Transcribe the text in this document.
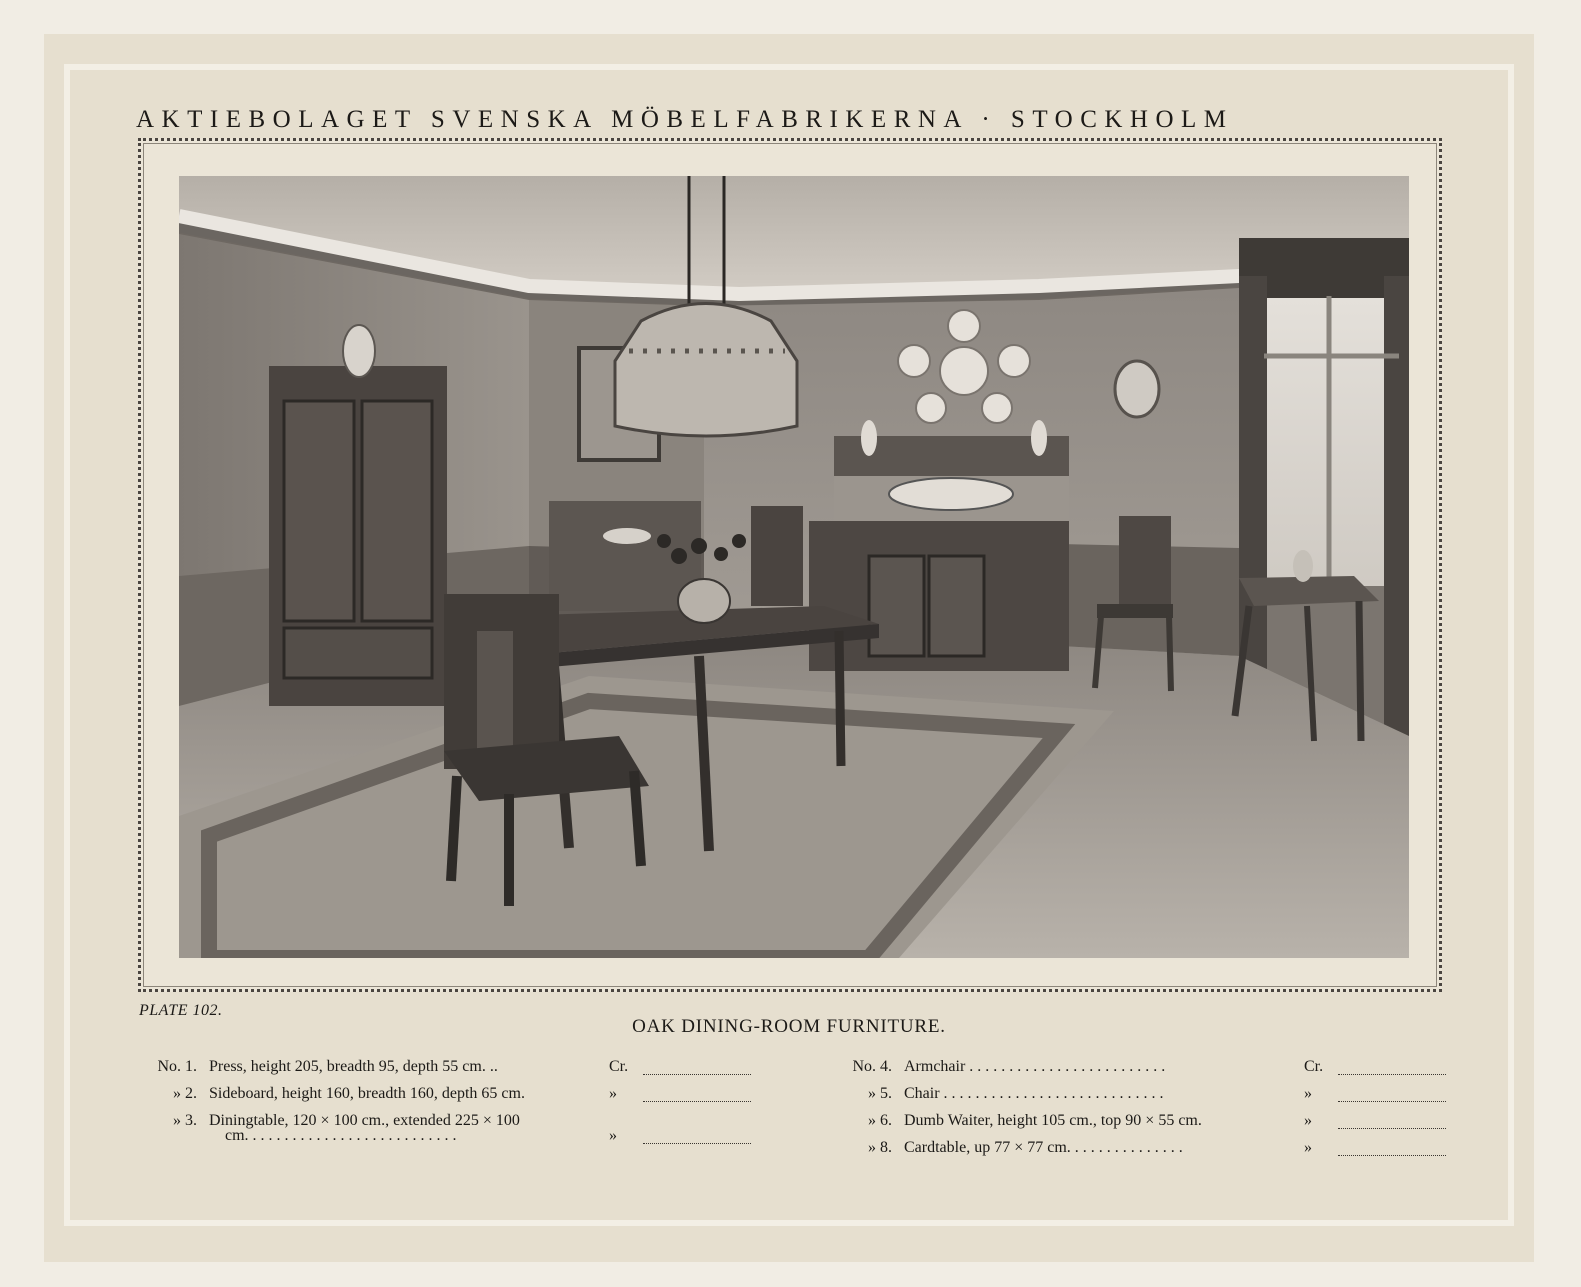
AKTIEBOLAGET SVENSKA MÖBELFABRIKERNA · STOCKHOLM
PLATE 102.
OAK DINING-ROOM FURNITURE.
No. 1. Press, height 205, breadth 95, depth 55 cm. ..	Cr.
» 2. Sideboard, height 160, breadth 160, depth 65 cm.	»
» 3. Diningtable, 120 × 100 cm., extended 225 × 100
cm. . . . . . . . . . . . . . . . . . . . . . . . . . .	»
No. 4. Armchair . . . . . . . . . . . . . . . . . . . . . . . . .	Cr.
» 5. Chair . . . . . . . . . . . . . . . . . . . . . . . . . . . .	»
» 6. Dumb Waiter, height 105 cm., top 90 × 55 cm.	»
» 8. Cardtable, up 77 × 77 cm. . . . . . . . . . . . . . .	»
